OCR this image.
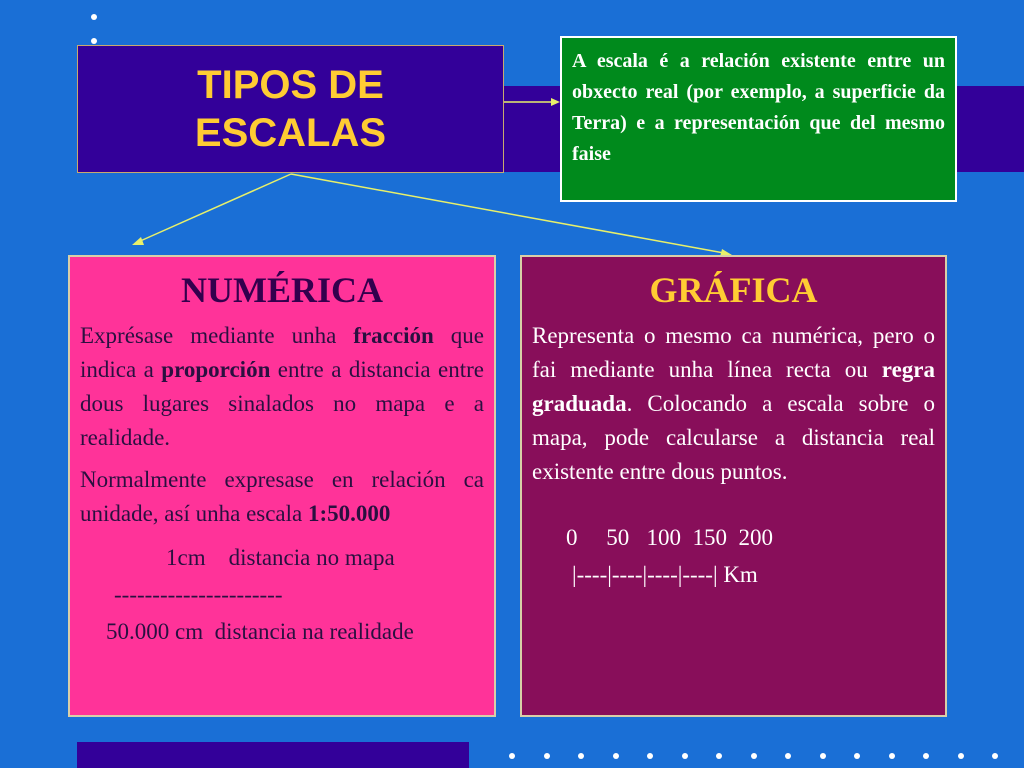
TIPOS DE
ESCALAS
A escala é a relación existente entre un obxecto real (por exemplo, a superficie da Terra) e a representación que del mesmo faise
NUMÉRICA

Exprésase mediante unha fracción que indica a proporción entre a distancia entre dous lugares sinalados no mapa e a realidade.

Normalmente expresase en relación ca unidade, así unha escala 1:50.000

1cm    distancia no mapa
----------------------
50.000 cm  distancia na realidade
GRÁFICA

Representa o mesmo ca numérica, pero o fai mediante unha línea recta ou regra graduada. Colocando a escala sobre o mapa, pode calcularse a distancia real existente entre dous puntos.

0     50   100  150  200
|----|----|----|----| Km
